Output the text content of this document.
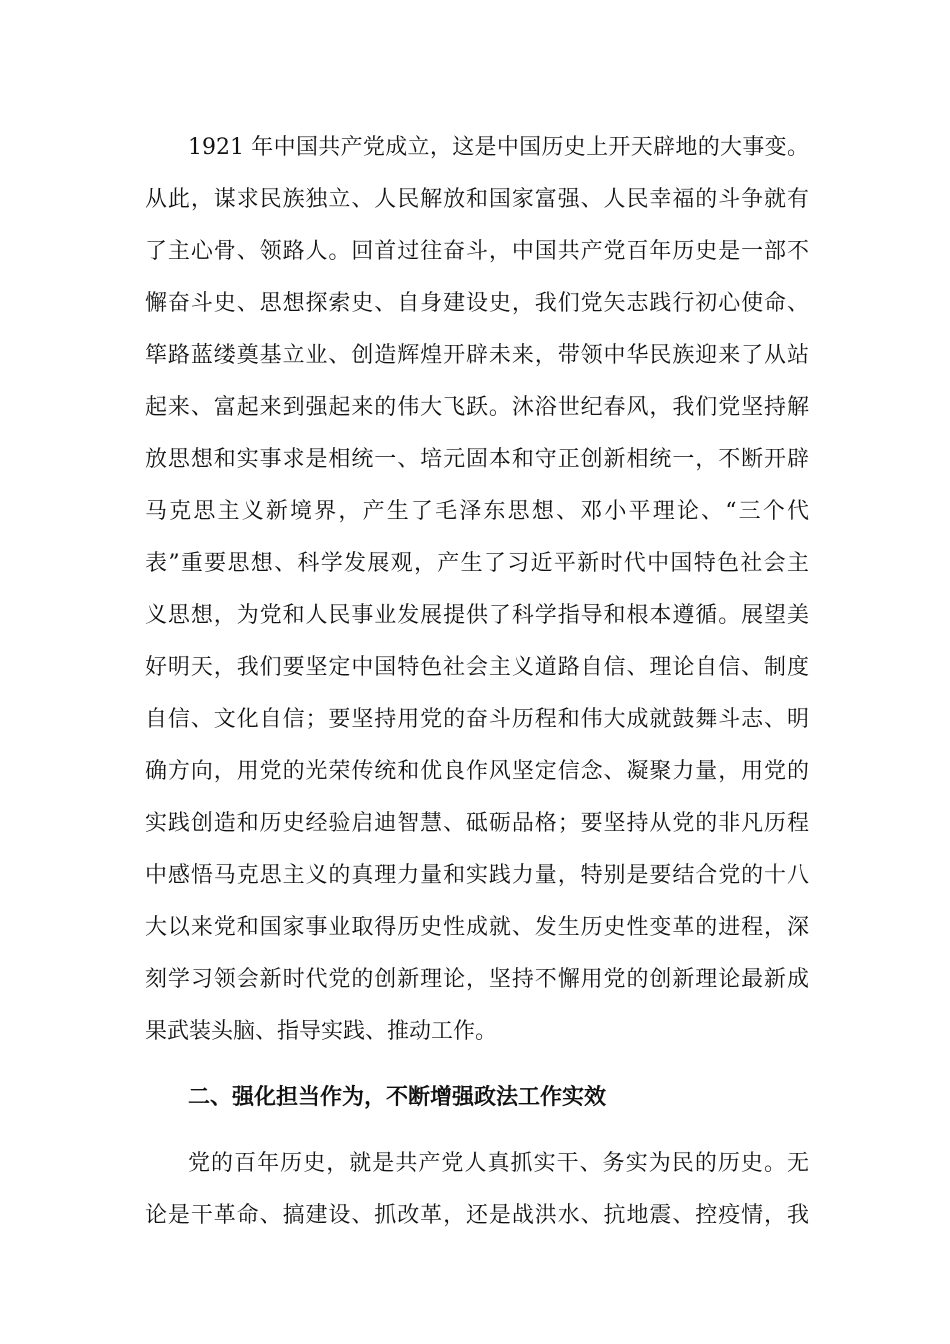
1921 年中国共产党成立，这是中国历史上开天辟地的大事变。
从此，谋求民族独立、人民解放和国家富强、人民幸福的斗争就有
了主心骨、领路人。回首过往奋斗，中国共产党百年历史是一部不
懈奋斗史、思想探索史、自身建设史，我们党矢志践行初心使命、
筚路蓝缕奠基立业、创造辉煌开辟未来，带领中华民族迎来了从站
起来、富起来到强起来的伟大飞跃。沐浴世纪春风，我们党坚持解
放思想和实事求是相统一、培元固本和守正创新相统一，不断开辟
马克思主义新境界，产生了毛泽东思想、邓小平理论、“三个代
表”重要思想、科学发展观，产生了习近平新时代中国特色社会主
义思想，为党和人民事业发展提供了科学指导和根本遵循。展望美
好明天，我们要坚定中国特色社会主义道路自信、理论自信、制度
自信、文化自信；要坚持用党的奋斗历程和伟大成就鼓舞斗志、明
确方向，用党的光荣传统和优良作风坚定信念、凝聚力量，用党的
实践创造和历史经验启迪智慧、砥砺品格；要坚持从党的非凡历程
中感悟马克思主义的真理力量和实践力量，特别是要结合党的十八
大以来党和国家事业取得历史性成就、发生历史性变革的进程，深
刻学习领会新时代党的创新理论，坚持不懈用党的创新理论最新成
果武装头脑、指导实践、推动工作。
二、强化担当作为，不断增强政法工作实效
党的百年历史，就是共产党人真抓实干、务实为民的历史。无
论是干革命、搞建设、抓改革，还是战洪水、抗地震、控疫情，我
